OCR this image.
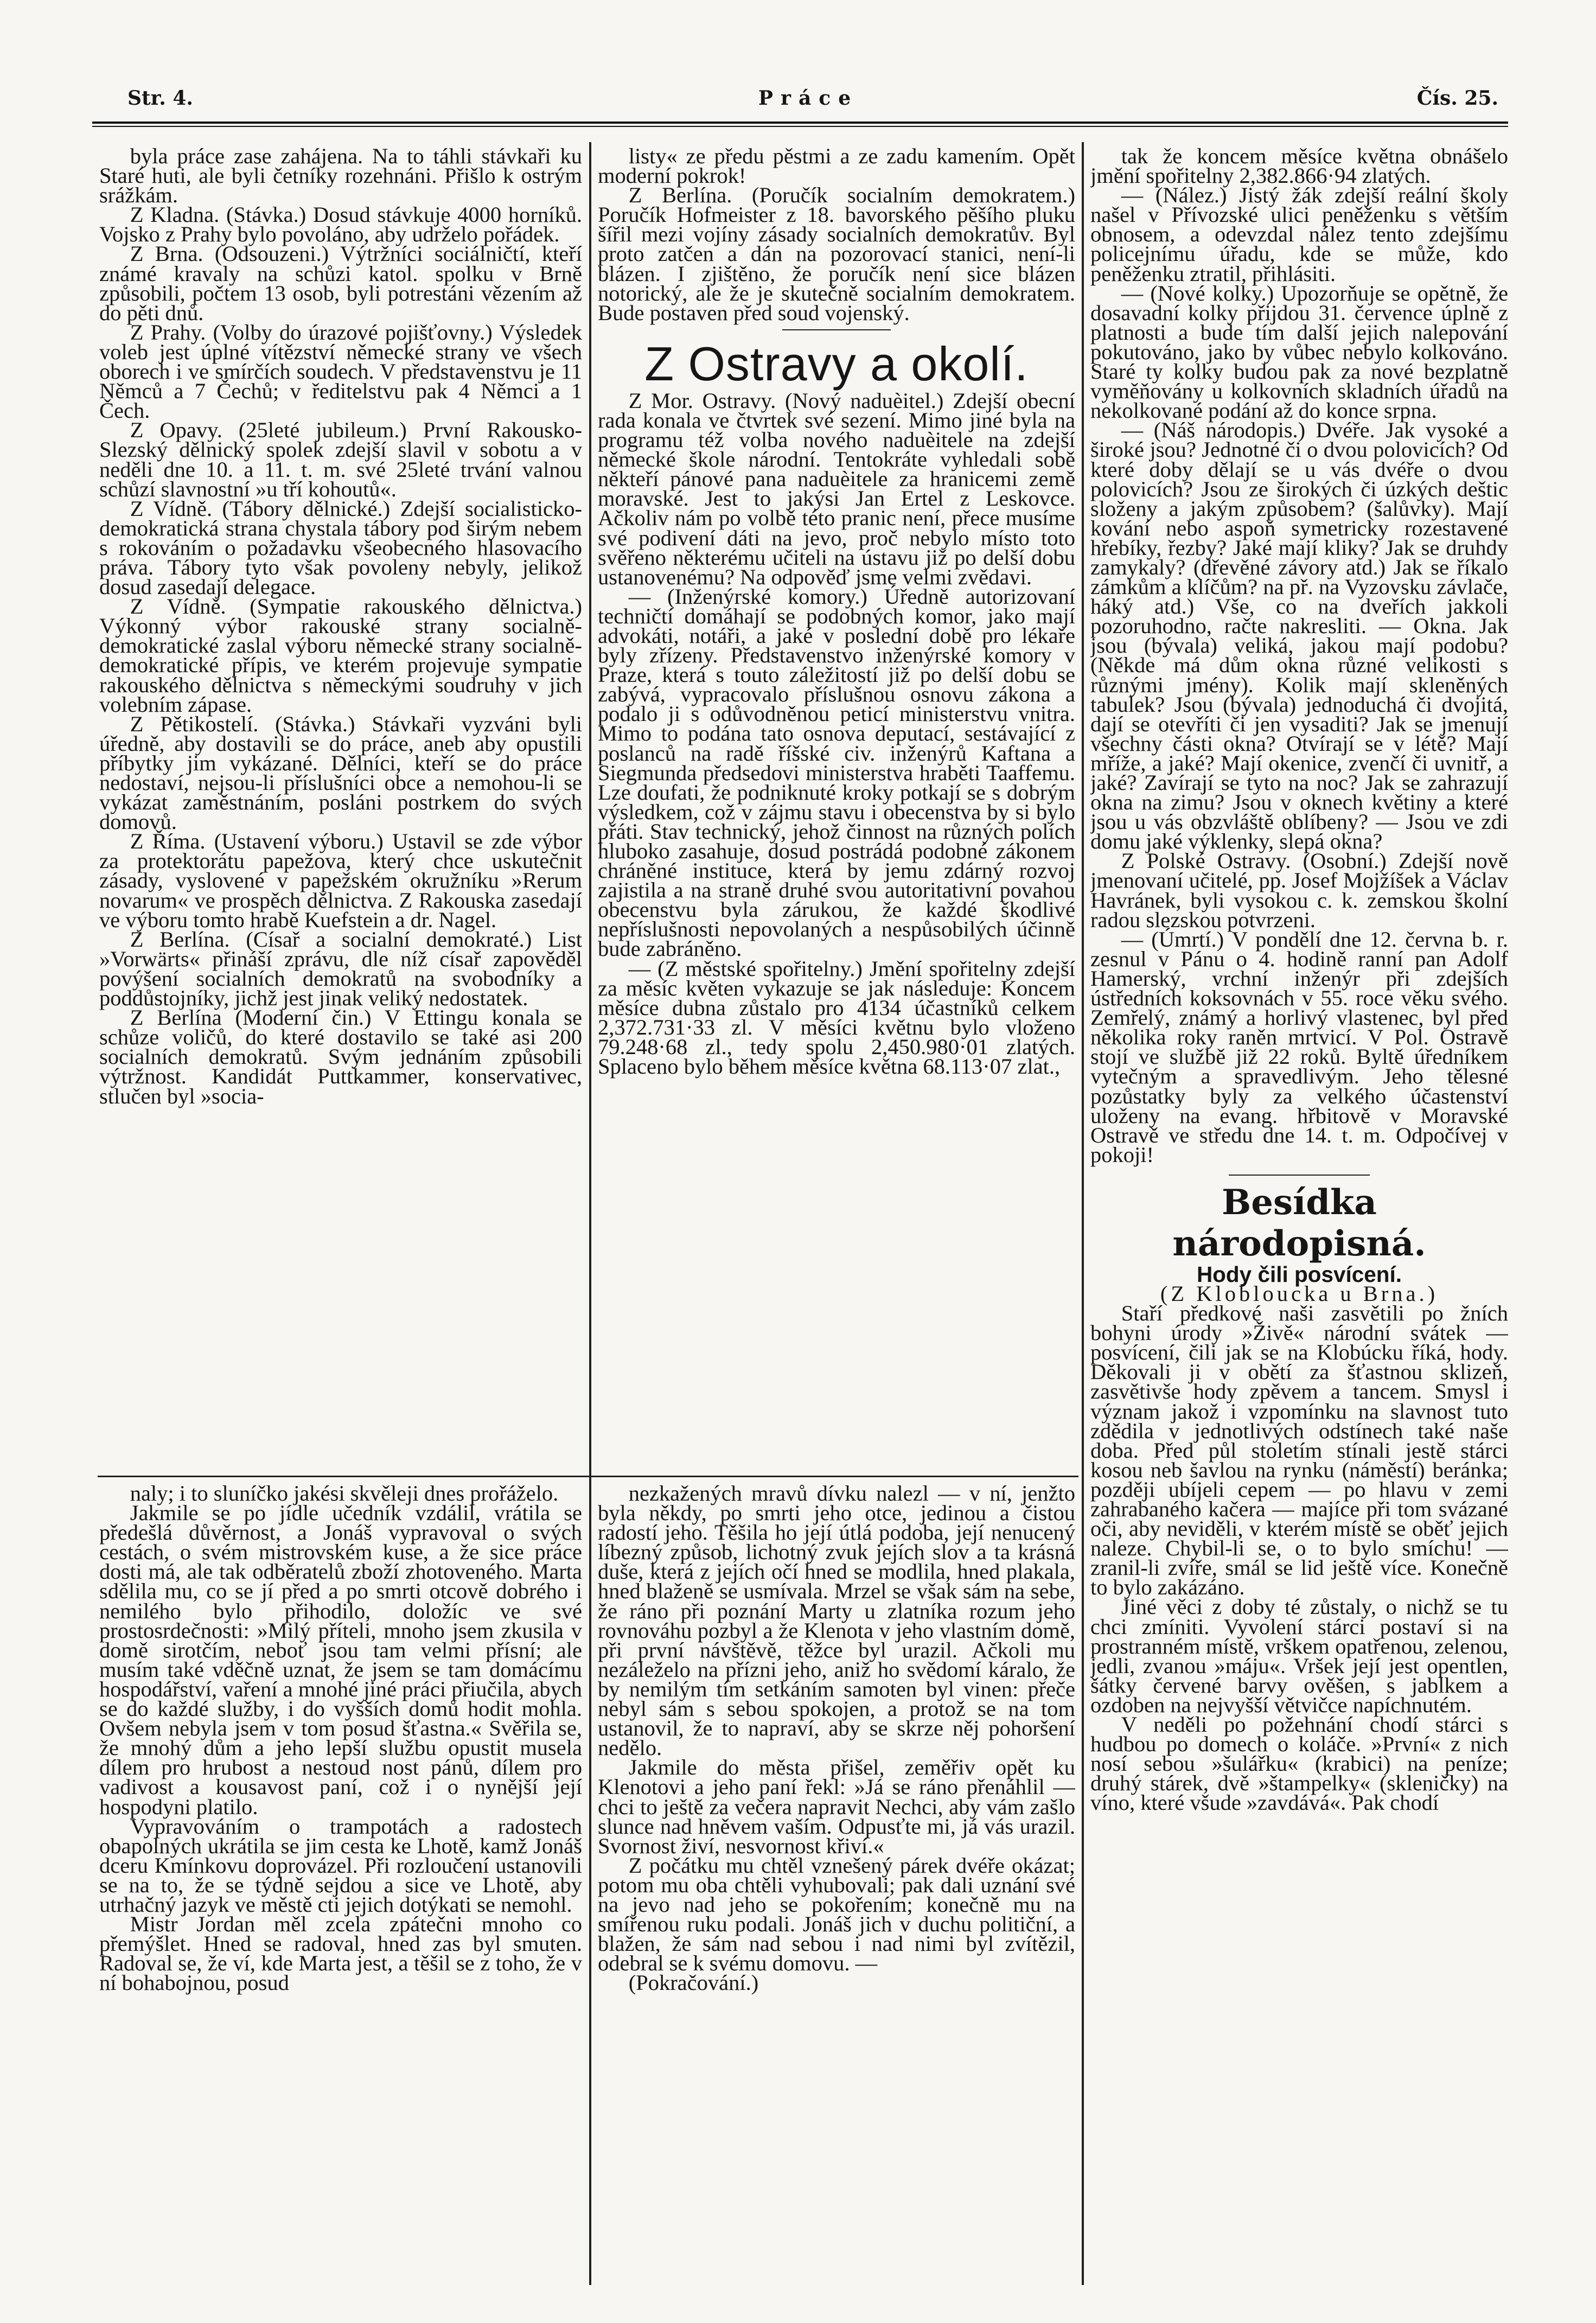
Str. 4.	Práce	Čís. 25.

byla práce zase zahájena. Na to táhli stávkaři ku Staré huti, ale byli četníky rozehnáni. Přišlo k ostrým srážkám.

Z Kladna. (Stávka.) Dosud stávkuje 4000 horníků. Vojsko z Prahy bylo povoláno, aby udrželo pořádek.

Z Brna. (Odsouzeni.) Výtržníci sociálničtí, kteří známé kravaly na schůzi katol. spolku v Brně způsobili, počtem 13 osob, byli potrestáni vězením až do pěti dnů.

Z Prahy. (Volby do úrazové pojišťovny.) Výsledek voleb jest úplné vítězství německé strany ve všech oborech i ve smírčích soudech. V představenstvu je 11 Němců a 7 Čechů; v ředitelstvu pak 4 Němci a 1 Čech.

Z Opavy. (25leté jubileum.) První Rakousko-Slezský dělnický spolek zdejší slavil v sobotu a v neděli dne 10. a 11. t. m. své 25leté trvání valnou schůzí slavnostní »u tří kohoutů«.

Z Vídně. (Tábory dělnické.) Zdejší socialisticko-demokratická strana chystala tábory pod širým nebem s rokováním o požadavku všeobecného hlasovacího práva. Tábory tyto však povoleny nebyly, jelikož dosud zasedají delegace.

Z Vídně. (Sympatie rakouského dělnictva.) Výkonný výbor rakouské strany socialně-demokratické zaslal výboru německé strany socialně-demokratické přípis, ve kterém projevuje sympatie rakouského dělnictva s německými soudruhy v jich volebním zápase.

Z Pětikostelí. (Stávka.) Stávkaři vyzváni byli úředně, aby dostavili se do práce, aneb aby opustili příbytky jim vykázané. Dělníci, kteří se do práce nedostaví, nejsou-li příslušníci obce a nemohou-li se vykázat zaměstnáním, posláni postrkem do svých domovů.

Z Říma. (Ustavení výboru.) Ustavil se zde výbor za protektorátu papežova, který chce uskutečnit zásady, vyslovené v papežském okružníku »Rerum novarum« ve prospěch dělnictva. Z Rakouska zasedají ve výboru tomto hrabě Kuefstein a dr. Nagel.

Z Berlína. (Císař a socialní demokraté.) List »Vorwärts« přináší zprávu, dle níž císař zapověděl povýšení socialních demokratů na svobodníky a poddůstojníky, jichž jest jinak veliký nedostatek.

Z Berlína (Moderní čin.) V Ettingu konala se schůze voličů, do které dostavilo se také asi 200 socialních demokratů. Svým jednáním způsobili výtržnost. Kandidát Puttkammer, konservativec, stlučen byl »socia-

listy« ze předu pěstmi a ze zadu kamením. Opět moderní pokrok!

Z Berlína. (Poručík socialním demokratem.) Poručík Hofmeister z 18. bavorského pěšího pluku šířil mezi vojíny zásady socialních demokratův. Byl proto zatčen a dán na pozorovací stanici, není-li blázen. I zjištěno, že poručík není sice blázen notorický, ale že je skutečně socialním demokratem. Bude postaven před soud vojenský.

Z Ostravy a okolí.

Z Mor. Ostravy. (Nový naduèitel.) Zdejší obecní rada konala ve čtvrtek své sezení. Mimo jiné byla na programu též volba nového naduèitele na zdejší německé škole národní. Tentokráte vyhledali sobě někteří pánové pana naduèitele za hranicemi země moravské. Jest to jakýsi Jan Ertel z Leskovce. Ačkoliv nám po volbě této pranic není, přece musíme své podivení dáti na jevo, proč nebylo místo toto svěřeno některému učiteli na ústavu již po delší dobu ustanovenému? Na odpověď jsme velmi zvědavi.

— (Inženýrské komory.) Úředně autorizovaní techničtí domáhají se podobných komor, jako mají advokáti, notáři, a jaké v poslední době pro lékaře byly zřízeny. Představenstvo inženýrské komory v Praze, která s touto záležitostí již po delší dobu se zabývá, vypracovalo příslušnou osnovu zákona a podalo ji s odůvodněnou peticí ministerstvu vnitra. Mimo to podána tato osnova deputací, sestávající z poslanců na radě říšské civ. inženýrů Kaftana a Siegmunda předsedovi ministerstva hraběti Taaffemu. Lze doufati, že podniknuté kroky potkají se s dobrým výsledkem, což v zájmu stavu i obecenstva by si bylo přáti. Stav technický, jehož činnost na různých polích hluboko zasahuje, dosud postrádá podobné zákonem chráněné instituce, která by jemu zdárný rozvoj zajistila a na straně druhé svou autoritativní povahou obecenstvu byla zárukou, že každé škodlivé nepříslušnosti nepovolaných a nespůsobilých účinně bude zabráněno.

— (Z městské spořitelny.) Jmění spořitelny zdejší za měsíc květen vykazuje se jak následuje: Koncem měsíce dubna zůstalo pro 4134 účastníků celkem 2,372.731·33 zl. V měsíci květnu bylo vloženo 79.248·68 zl., tedy spolu 2,450.980·01 zlatých. Splaceno bylo během měsíce května 68.113·07 zlat.,

tak že koncem měsíce května obnášelo jmění spořitelny 2,382.866·94 zlatých.

— (Nález.) Jistý žák zdejší reální školy našel v Přívozské ulici peněženku s větším obnosem, a odevzdal nález tento zdejšímu policejnímu úřadu, kde se může, kdo peněženku ztratil, přihlásiti.

— (Nové kolky.) Upozorňuje se opětně, že dosavadní kolky přijdou 31. července úplně z platnosti a bude tím další jejich nalepování pokutováno, jako by vůbec nebylo kolkováno. Staré ty kolky budou pak za nové bezplatně vyměňovány u kolkovních skladních úřadů na nekolkované podání až do konce srpna.

— (Náš národopis.) Dvéře. Jak vysoké a široké jsou? Jednotné či o dvou polovicích? Od které doby dělají se u vás dvéře o dvou polovicích? Jsou ze širokých či úzkých deštic složeny a jakým způsobem? (šalůvky). Mají kování nebo aspoň symetricky rozestavené hřebíky, řezby? Jaké mají kliky? Jak se druhdy zamykaly? (dřevěné závory atd.) Jak se říkalo zámkům a klíčům? na př. na Vyzovsku závlače, háký atd.) Vše, co na dveřích jakkoli pozoruhodno, račte nakresliti. — Okna. Jak jsou (bývala) veliká, jakou mají podobu? (Někde má dům okna různé velikosti s různými jmény). Kolik mají skleněných tabulek? Jsou (bývala) jednoduchá či dvojitá, dají se otevříti či jen vysaditi? Jak se jmenují všechny části okna? Otvírají se v létě? Mají mříže, a jaké? Mají okenice, zvenčí či uvnitř, a jaké? Zavírají se tyto na noc? Jak se zahrazují okna na zimu? Jsou v oknech květiny a které jsou u vás obzvláště oblíbeny? — Jsou ve zdi domu jaké výklenky, slepá okna?

Z Polské Ostravy. (Osobní.) Zdejší nově jmenovaní učitelé, pp. Josef Mojžíšek a Václav Havránek, byli vysokou c. k. zemskou školní radou slezskou potvrzeni.

— (Úmrtí.) V pondělí dne 12. června b. r. zesnul v Pánu o 4. hodině ranní pan Adolf Hamerský, vrchní inženýr při zdejších ústředních koksovnách v 55. roce věku svého. Zemřelý, známý a horlivý vlastenec, byl před několika roky raněn mrtvicí. V Pol. Ostravě stojí ve službě již 22 roků. Byltě úředníkem vytečným a spravedlivým. Jeho tělesné pozůstatky byly za velkého účastenství uloženy na evang. hřbitově v Moravské Ostravě ve středu dne 14. t. m. Odpočívej v pokoji!

Besídka národopisná.

Hody čili posvícení.

(Z Klobloucka u Brna.)

Staří předkové naši zasvětili po žních bohyni úrody »Živě« národní svátek — posvícení, čili jak se na Klobúcku říká, hody. Děkovali ji v obětí za šťastnou sklizeň, zasvětivše hody zpěvem a tancem. Smysl i význam jakož i vzpomínku na slavnost tuto zdědila v jednotlivých odstínech také naše doba. Před půl stoletím stínali jestě stárci kosou neb šavlou na rynku (náměstí) beránka; později ubíjeli cepem — po hlavu v zemi zahrabaného kačera — majíce při tom svázané oči, aby neviděli, v kterém místě se oběť jejich naleze. Chybil-li se, o to bylo smíchu! — zranil-li zvíře, smál se lid ještě více. Konečně to bylo zakázáno.

Jiné věci z doby té zůstaly, o nichž se tu chci zmíniti. Vyvolení stárci postaví si na prostranném místě, vrškem opatřenou, zelenou, jedli, zvanou »máju«. Vršek její jest opentlen, šátky červené barvy ověšen, s jablkem a ozdoben na nejvyšší větvičce napíchnutém.

V neděli po požehnání chodí stárci s hudbou po domech o koláče. »První« z nich nosí sebou »šulářku« (krabici) na peníze; druhý stárek, dvě »štampelky« (skleničky) na víno, které všude »zavdává«. Pak chodí

naly; i to sluníčko jakési skvěleji dnes prořáželo.

Jakmile se po jídle učedník vzdálil, vrátila se předešlá důvěrnost, a Jonáš vypravoval o svých cestách, o svém mistrovském kuse, a že sice práce dosti má, ale tak odběratelů zboží zhotoveného. Marta sdělila mu, co se jí před a po smrti otcově dobrého i nemilého bylo přihodilo, doložíc ve své prostosrdečnosti: »Milý příteli, mnoho jsem zkusila v domě sirotčím, neboť jsou tam velmi přísní; ale musím také vděčně uznat, že jsem se tam domácímu hospodářství, vaření a mnohé jiné práci přiučila, abych se do každé služby, i do vyšších domů hodit mohla. Ovšem nebyla jsem v tom posud šťastna.« Svěřila se, že mnohý dům a jeho lepší službu opustit musela dílem pro hrubost a nestoud nost pánů, dílem pro vadivost a kousavost paní, což i o nynější její hospodyni platilo.

Vypravováním o trampotách a radostech obapolných ukrátila se jim cesta ke Lhotě, kamž Jonáš dceru Kmínkovu doprovázel. Při rozloučení ustanovili se na to, že se týdně sejdou a sice ve Lhotě, aby utrhačný jazyk ve městě cti jejich dotýkati se nemohl.

Mistr Jordan měl zcela zpátečni mnoho co přemýšlet. Hned se radoval, hned zas byl smuten. Radoval se, že ví, kde Marta jest, a těšil se z toho, že v ní bohabojnou, posud

nezkažených mravů dívku nalezl — v ní, jenžto byla někdy, po smrti jeho otce, jedinou a čistou radostí jeho. Těšila ho její útlá podoba, její nenucený líbezný způsob, lichotný zvuk jejích slov a ta krásná duše, která z jejích očí hned se modlila, hned plakala, hned blaženě se usmívala. Mrzel se však sám na sebe, že ráno při poznání Marty u zlatníka rozum jeho rovnováhu pozbyl a že Klenota v jeho vlastním domě, při první návštěvě, těžce byl urazil. Ačkoli mu nezáleželo na přízni jeho, aniž ho svědomí káralo, že by nemilým tím setkáním samoten byl vinen: přeče nebyl sám s sebou spokojen, a protož se na tom ustanovil, že to napraví, aby se skrze něj pohoršení nedělo.

Jakmile do města přišel, zeměřiv opět ku Klenotovi a jeho paní řekl: »Já se ráno přenáhlil — chci to ještě za večera napravit Nechci, aby vám zašlo slunce nad hněvem vaším. Odpusťte mi, já vás urazil. Svornost živí, nesvornost křiví.«

Z počátku mu chtěl vznešený párek dvéře okázat; potom mu oba chtěli vyhubovali; pak dali uznání své na jevo nad jeho se pokořením; konečně mu na smířenou ruku podali. Jonáš jich v duchu političní, a blažen, že sám nad sebou i nad nimi byl zvítězil, odebral se k svému domovu. —

(Pokračování.)
